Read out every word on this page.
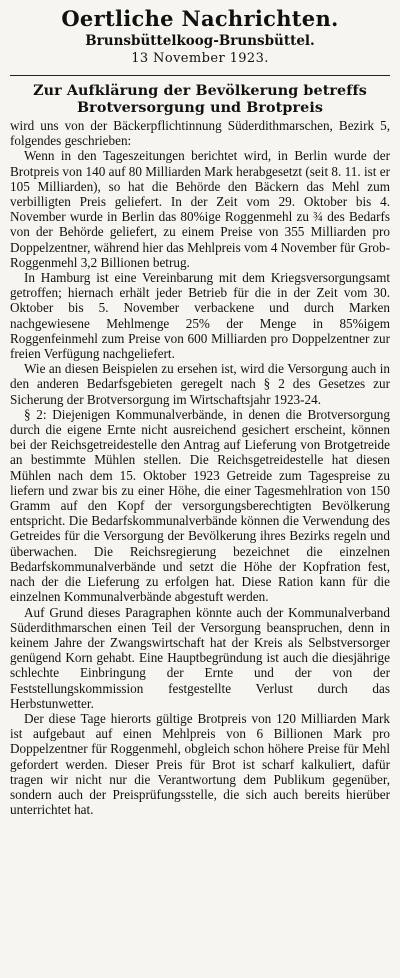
Oertliche Nachrichten.
Brunsbüttelkoog-Brunsbüttel.
13 November 1923.
Zur Aufklärung der Bevölkerung betreffs
Brotversorgung und Brotpreis

wird uns von der Bäckerpflichtinnung Süderdithmarschen, Bezirk 5, folgendes geschrieben:

Wenn in den Tageszeitungen berichtet wird, in Berlin wurde der Brotpreis von 140 auf 80 Milliarden Mark herabgesetzt (seit 8. 11. ist er 105 Milliarden), so hat die Behörde den Bäckern das Mehl zum verbilligten Preis geliefert. In der Zeit vom 29. Oktober bis 4. November wurde in Berlin das 80%ige Roggenmehl zu ¾ des Bedarfs von der Behörde geliefert, zu einem Preise von 355 Milliarden pro Doppelzentner, während hier das Mehlpreis vom 4 November für Grob-Roggenmehl 3,2 Billionen betrug.

In Hamburg ist eine Vereinbarung mit dem Kriegsversorgungsamt getroffen; hiernach erhält jeder Betrieb für die in der Zeit vom 30. Oktober bis 5. November verbackene und durch Marken nachgewiesene Mehlmenge 25% der Menge in 85%igem Roggenfeinmehl zum Preise von 600 Milliarden pro Doppelzentner zur freien Verfügung nachgeliefert.

Wie an diesen Beispielen zu ersehen ist, wird die Versorgung auch in den anderen Bedarfsgebieten geregelt nach § 2 des Gesetzes zur Sicherung der Brotversorgung im Wirtschaftsjahr 1923-24.

§ 2: Diejenigen Kommunalverbände, in denen die Brotversorgung durch die eigene Ernte nicht ausreichend gesichert erscheint, können bei der Reichsgetreidestelle den Antrag auf Lieferung von Brotgetreide an bestimmte Mühlen stellen. Die Reichsgetreidestelle hat diesen Mühlen nach dem 15. Oktober 1923 Getreide zum Tagespreise zu liefern und zwar bis zu einer Höhe, die einer Tagesmehlration von 150 Gramm auf den Kopf der versorgungsberechtigten Bevölkerung entspricht. Die Bedarfskommunalverbände können die Verwendung des Getreides für die Versorgung der Bevölkerung ihres Bezirks regeln und überwachen. Die Reichsregierung bezeichnet die einzelnen Bedarfskommunalverbände und setzt die Höhe der Kopfration fest, nach der die Lieferung zu erfolgen hat. Diese Ration kann für die einzelnen Kommunalverbände abgestuft werden.

Auf Grund dieses Paragraphen könnte auch der Kommunalverband Süderdithmarschen einen Teil der Versorgung beanspruchen, denn in keinem Jahre der Zwangswirtschaft hat der Kreis als Selbstversorger genügend Korn gehabt. Eine Hauptbegründung ist auch die diesjährige schlechte Einbringung der Ernte und der von der Feststellungskommission festgestellte Verlust durch das Herbstunwetter.

Der diese Tage hierorts gültige Brotpreis von 120 Milliarden Mark ist aufgebaut auf einen Mehlpreis von 6 Billionen Mark pro Doppelzentner für Roggenmehl, obgleich schon höhere Preise für Mehl gefordert werden. Dieser Preis für Brot ist scharf kalkuliert, dafür tragen wir nicht nur die Verantwortung dem Publikum gegenüber, sondern auch der Preisprüfungsstelle, die sich auch bereits hierüber unterrichtet hat.
